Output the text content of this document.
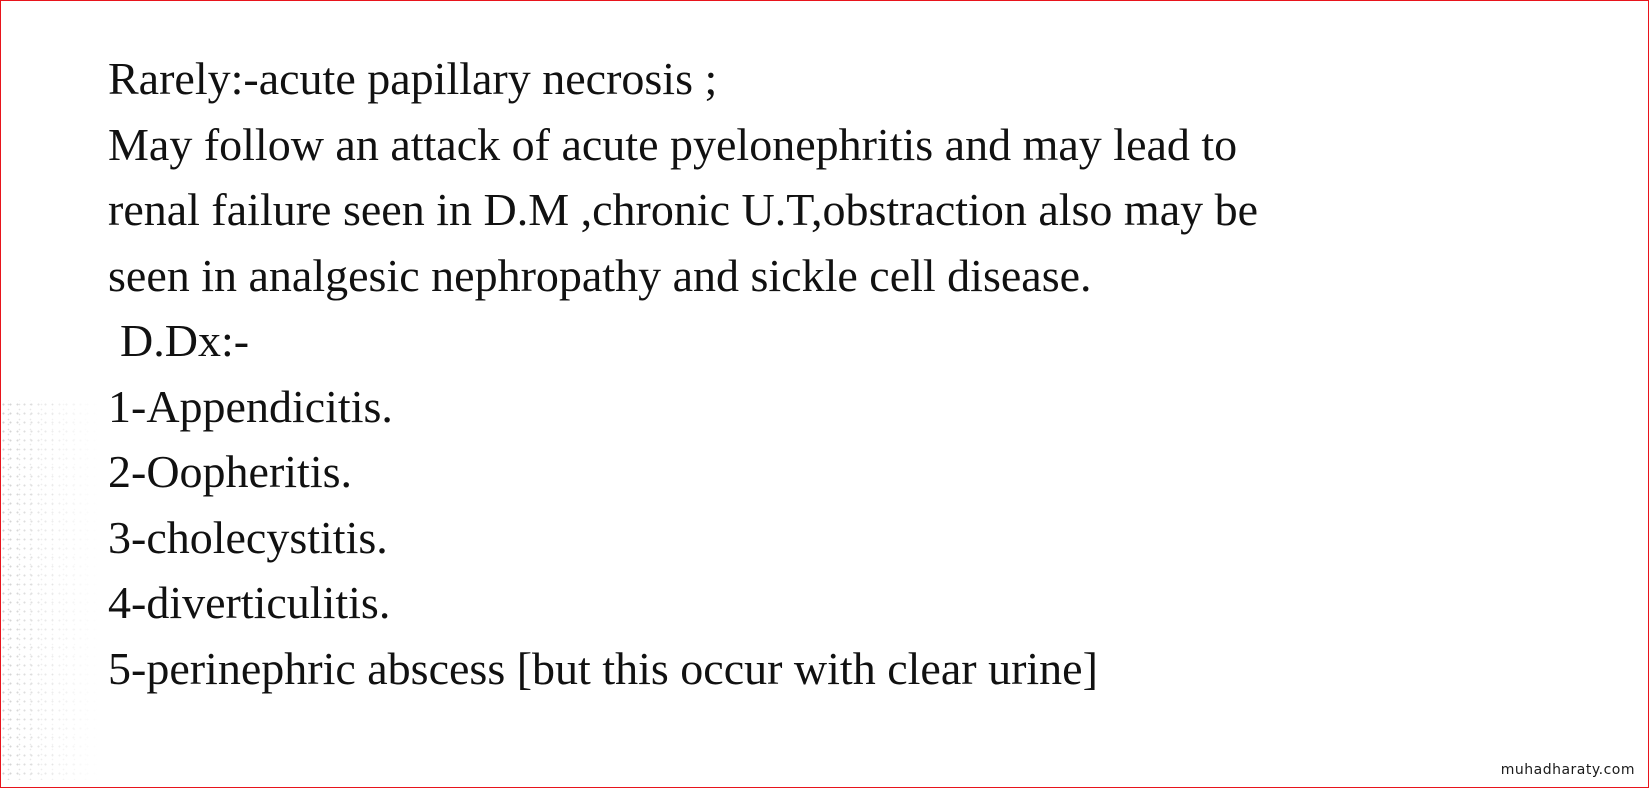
Rarely:-acute papillary necrosis ;
May follow an attack of acute pyelonephritis and may lead to
renal failure seen in D.M ,chronic U.T,obstraction also may be
seen in analgesic nephropathy and sickle cell disease.
D.Dx:-
1-Appendicitis.
2-Oopheritis.
3-cholecystitis.
4-diverticulitis.
5-perinephric abscess [but this occur with clear urine]
muhadharaty.com
